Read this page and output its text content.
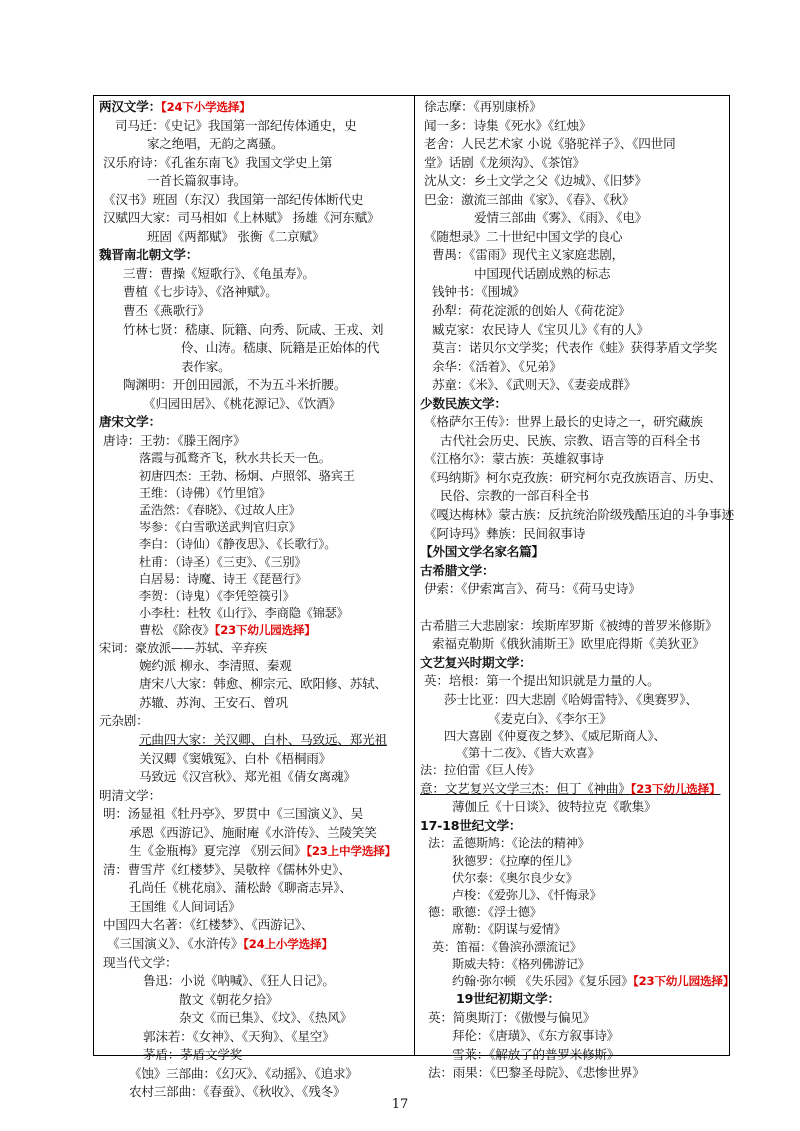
两汉文学：【24下小学选择】
司马迁：《史记》我国第一部纪传体通史，史
家之绝唱，无韵之离骚。
汉乐府诗：《孔雀东南飞》我国文学史上第
一首长篇叙事诗。
《汉书》班固（东汉）我国第一部纪传体断代史
汉赋四大家：司马相如《上林赋》 扬雄《河东赋》
班固《两都赋》 张衡《二京赋》
魏晋南北朝文学：
三曹：曹操《短歌行》、《龟虽寿》。
曹植《七步诗》、《洛神赋》。
曹丕《燕歌行》
竹林七贤：嵇康、阮籍、向秀、阮咸、王戎、刘
伶、山涛。嵇康、阮籍是正始体的代
表作家。
陶渊明：开创田园派，不为五斗米折腰。
《归园田居》、《桃花源记》、《饮酒》
唐宋文学：
唐诗：王勃：《滕王阁序》
落霞与孤鹜齐飞，秋水共长天一色。
初唐四杰：王勃、杨炯、卢照邻、骆宾王
王维：（诗佛）《竹里馆》
孟浩然：《春晓》、《过故人庄》
岑参：《白雪歌送武判官归京》
李白：（诗仙）《静夜思》、《长歌行》。
杜甫：（诗圣）《三吏》、《三别》
白居易：诗魔、诗王《琵琶行》
李贺：（诗鬼）《李凭箜篌引》
小李杜：杜牧《山行》、李商隐《锦瑟》
曹松 《除夜》【23下幼儿园选择】
宋词：豪放派——苏轼、辛弃疾
婉约派 柳永、李清照、秦观
唐宋八大家：韩愈、柳宗元、欧阳修、苏轼、
苏辙、苏洵、王安石、曾巩
元杂剧：
元曲四大家：关汉卿、白朴、马致远、郑光祖
关汉卿《窦娥冤》、白朴《梧桐雨》
马致远《汉宫秋》、郑光祖《倩女离魂》
明清文学：
明：汤显祖《牡丹亭》、罗贯中《三国演义》、吴
承恩《西游记》、施耐庵《水浒传》、兰陵笑笑
生《金瓶梅》夏完淳 《别云间》【23上中学选择】
清：曹雪芹《红楼梦》、吴敬梓《儒林外史》、
孔尚任《桃花扇》、蒲松龄《聊斋志异》、
王国维《人间词话》
中国四大名著：《红楼梦》、《西游记》、
《三国演义》、《水浒传》【24上小学选择】
现当代文学：
鲁迅：小说《呐喊》、《狂人日记》。
散文《朝花夕拾》
杂文《而已集》、《坟》、《热风》
郭沫若：《女神》、《天狗》、《星空》
茅盾：茅盾文学奖
《蚀》三部曲：《幻灭》、《动摇》、《追求》
农村三部曲：《春蚕》、《秋收》、《残冬》
徐志摩：《再别康桥》
闻一多：诗集《死水》《红烛》
老舍：人民艺术家 小说《骆驼祥子》、《四世同
堂》话剧《龙须沟》、《茶馆》
沈从文：乡土文学之父《边城》、《旧梦》
巴金：激流三部曲《家》、《春》、《秋》
爱情三部曲《雾》、《雨》、《电》
《随想录》二十世纪中国文学的良心
曹禺：《雷雨》现代主义家庭悲剧，
中国现代话剧成熟的标志
钱钟书：《围城》
孙犁：荷花淀派的创始人《荷花淀》
臧克家：农民诗人《宝贝儿》《有的人》
莫言：诺贝尔文学奖；代表作《蛙》获得茅盾文学奖
余华：《活着》、《兄弟》
苏童：《米》、《武则天》、《妻妾成群》
少数民族文学：
《格萨尔王传》：世界上最长的史诗之一，研究藏族
古代社会历史、民族、宗教、语言等的百科全书
《江格尔》：蒙古族：英雄叙事诗
《玛纳斯》柯尔克孜族：研究柯尔克孜族语言、历史、
民俗、宗教的一部百科全书
《嘎达梅林》蒙古族：反抗统治阶级残酷压迫的斗争事迹
《阿诗玛》彝族：民间叙事诗
【外国文学名家名篇】
古希腊文学：
伊索：《伊索寓言》、荷马：《荷马史诗》
古希腊三大悲剧家：埃斯库罗斯《被缚的普罗米修斯》
索福克勒斯《俄狄浦斯王》欧里庇得斯《美狄亚》
文艺复兴时期文学：
英：培根：第一个提出知识就是力量的人。
莎士比亚：四大悲剧《哈姆雷特》、《奥赛罗》、
《麦克白》、《李尔王》
四大喜剧《仲夏夜之梦》、《威尼斯商人》、
《第十二夜》、《皆大欢喜》
法：拉伯雷《巨人传》
意：文艺复兴文学三杰：但丁《神曲》【23下幼儿选择】
薄伽丘《十日谈》、彼特拉克《歌集》
17-18世纪文学：
法：孟德斯鸠：《论法的精神》
狄德罗：《拉摩的侄儿》
伏尔泰：《奥尔良少女》
卢梭：《爱弥儿》、《忏悔录》
德：歌德：《浮士德》
席勒：《阴谋与爱情》
英：笛福：《鲁滨孙漂流记》
斯威夫特：《格列佛游记》
约翰·弥尔顿 《失乐园》《复乐园》【23下幼儿园选择】
19世纪初期文学：
英：简奥斯汀：《傲慢与偏见》
拜伦：《唐璜》、《东方叙事诗》
雪莱：《解放了的普罗米修斯》
法：雨果：《巴黎圣母院》、《悲惨世界》
17
